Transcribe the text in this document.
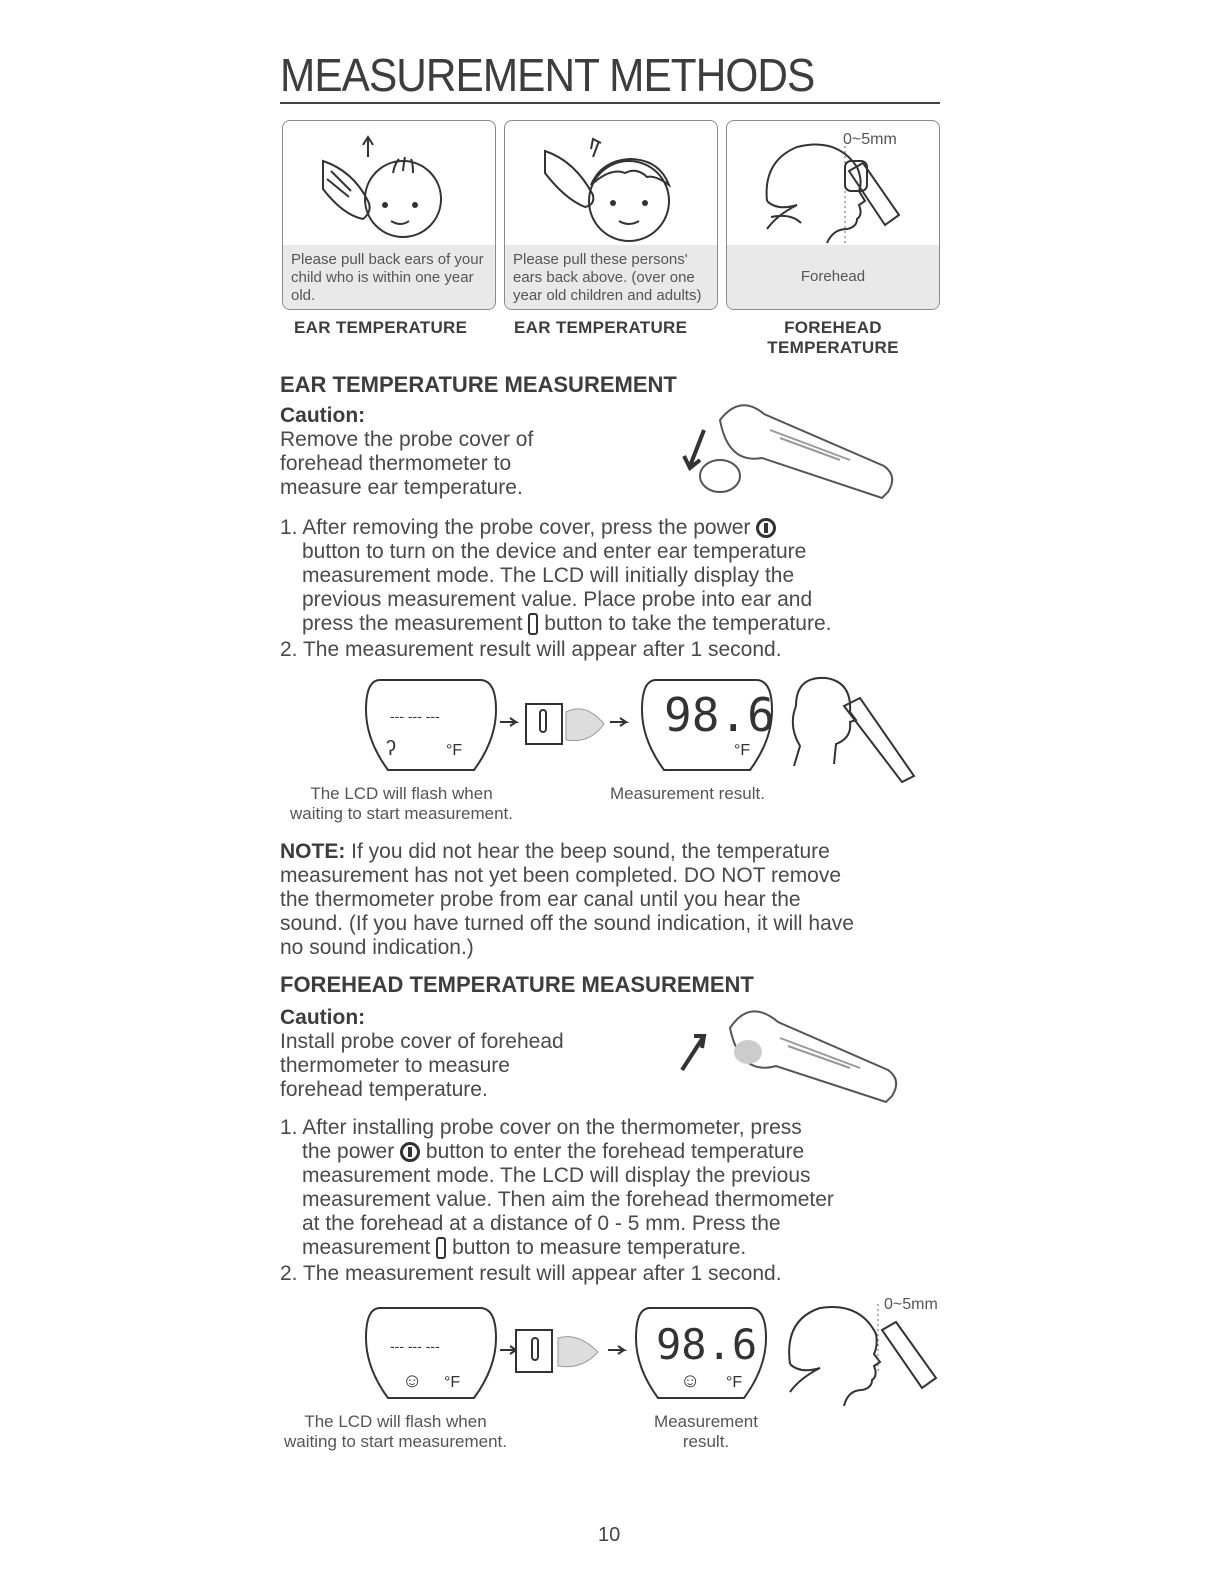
MEASUREMENT METHODS
Please pull back ears of your child who is within one year old.
Please pull these persons' ears back above. (over one year old children and adults)
0~5mm
Forehead
EAR TEMPERATURE	EAR TEMPERATURE	FOREHEAD TEMPERATURE
EAR TEMPERATURE MEASUREMENT
Caution:
Remove the probe cover of
forehead thermometer to
measure ear temperature.
1. After removing the probe cover, press the power
button to turn on the device and enter ear temperature
measurement mode. The LCD will initially display the
previous measurement value. Place probe into ear and
press the measurement button to take the temperature.
2. The measurement result will appear after 1 second.
--- --- ---
ʔ	°F
98.6
°F
The LCD will flash when
waiting to start measurement.
Measurement result.
NOTE: If you did not hear the beep sound, the temperature
measurement has not yet been completed. DO NOT remove
the thermometer probe from ear canal until you hear the
sound. (If you have turned off the sound indication, it will have
no sound indication.)
FOREHEAD TEMPERATURE MEASUREMENT
Caution:
Install probe cover of forehead
thermometer to measure
forehead temperature.
1. After installing probe cover on the thermometer, press
the power button to enter the forehead temperature
measurement mode. The LCD will display the previous
measurement value. Then aim the forehead thermometer
at the forehead at a distance of 0 - 5 mm. Press the
measurement button to measure temperature.
2. The measurement result will appear after 1 second.
--- --- ---
☺ °F
98.6
☺ °F
0~5mm
The LCD will flash when
waiting to start measurement.
Measurement
result.
10
